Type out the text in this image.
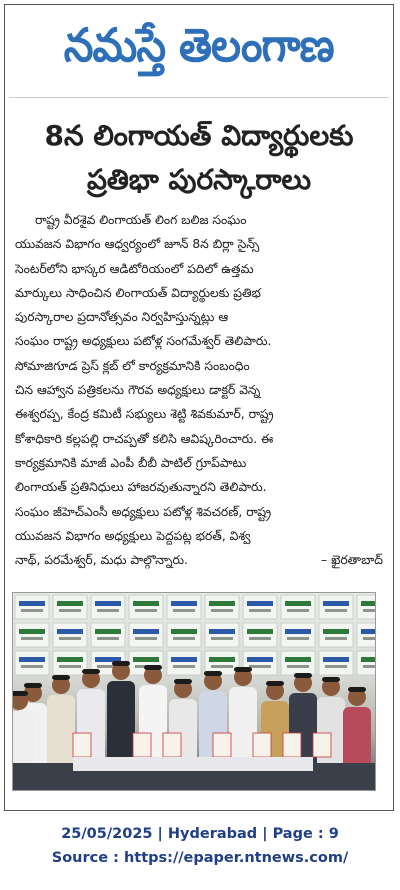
నమస్తే తెలంగాణ
8న లింగాయత్ విద్యార్థులకు
ప్రతిభా పురస్కారాలు
రాష్ట్ర వీరశైవ లింగాయత్ లింగ బలిజ సంఘం
యువజన విభాగం ఆధ్వర్యంలో జూన్ 8న బిర్లా సైన్స్
సెంటర్‌లోని భాస్కర ఆడిటోరియంలో పదిలో ఉత్తమ
మార్కులు సాధించిన లింగాయత్ విద్యార్థులకు ప్రతిభ
పురస్కారాల ప్రదానోత్సవం నిర్వహిస్తున్నట్లు ఆ
సంఘం రాష్ట్ర అధ్యక్షులు పటోళ్ల సంగమేశ్వర్ తెలిపారు.
సోమాజిగూడ ప్రెస్ క్లబ్ లో కార్యక్రమానికి సంబంధిం
చిన ఆహ్వాన పత్రికలను గౌరవ అధ్యక్షులు డాక్టర్ వెన్న
ఈశ్వరప్ప, కేంద్ర కమిటీ సభ్యులు శెట్టి శివకుమార్, రాష్ట్ర
కోశాధికారి కల్లపల్లి రాచప్పతో కలిసి ఆవిష్కరించారు. ఈ
కార్యక్రమానికి మాజీ ఎంపీ బీబీ పాటిల్ గ్రూప్‌పాటు
లింగాయత్ ప్రతినిధులు హాజరవుతున్నారని తెలిపారు.
సంఘం జీహెచ్‌ఎంసీ అధ్యక్షులు పటోళ్ల శివచరణ్, రాష్ట్ర
యువజన విభాగం అధ్యక్షులు పెద్దపట్ల భరత్, విశ్వ
నాథ్, పరమేశ్వర్, మధు పాల్గొన్నారు.	– ఖైరతాబాద్
25/05/2025 | Hyderabad | Page : 9
Source : https://epaper.ntnews.com/
